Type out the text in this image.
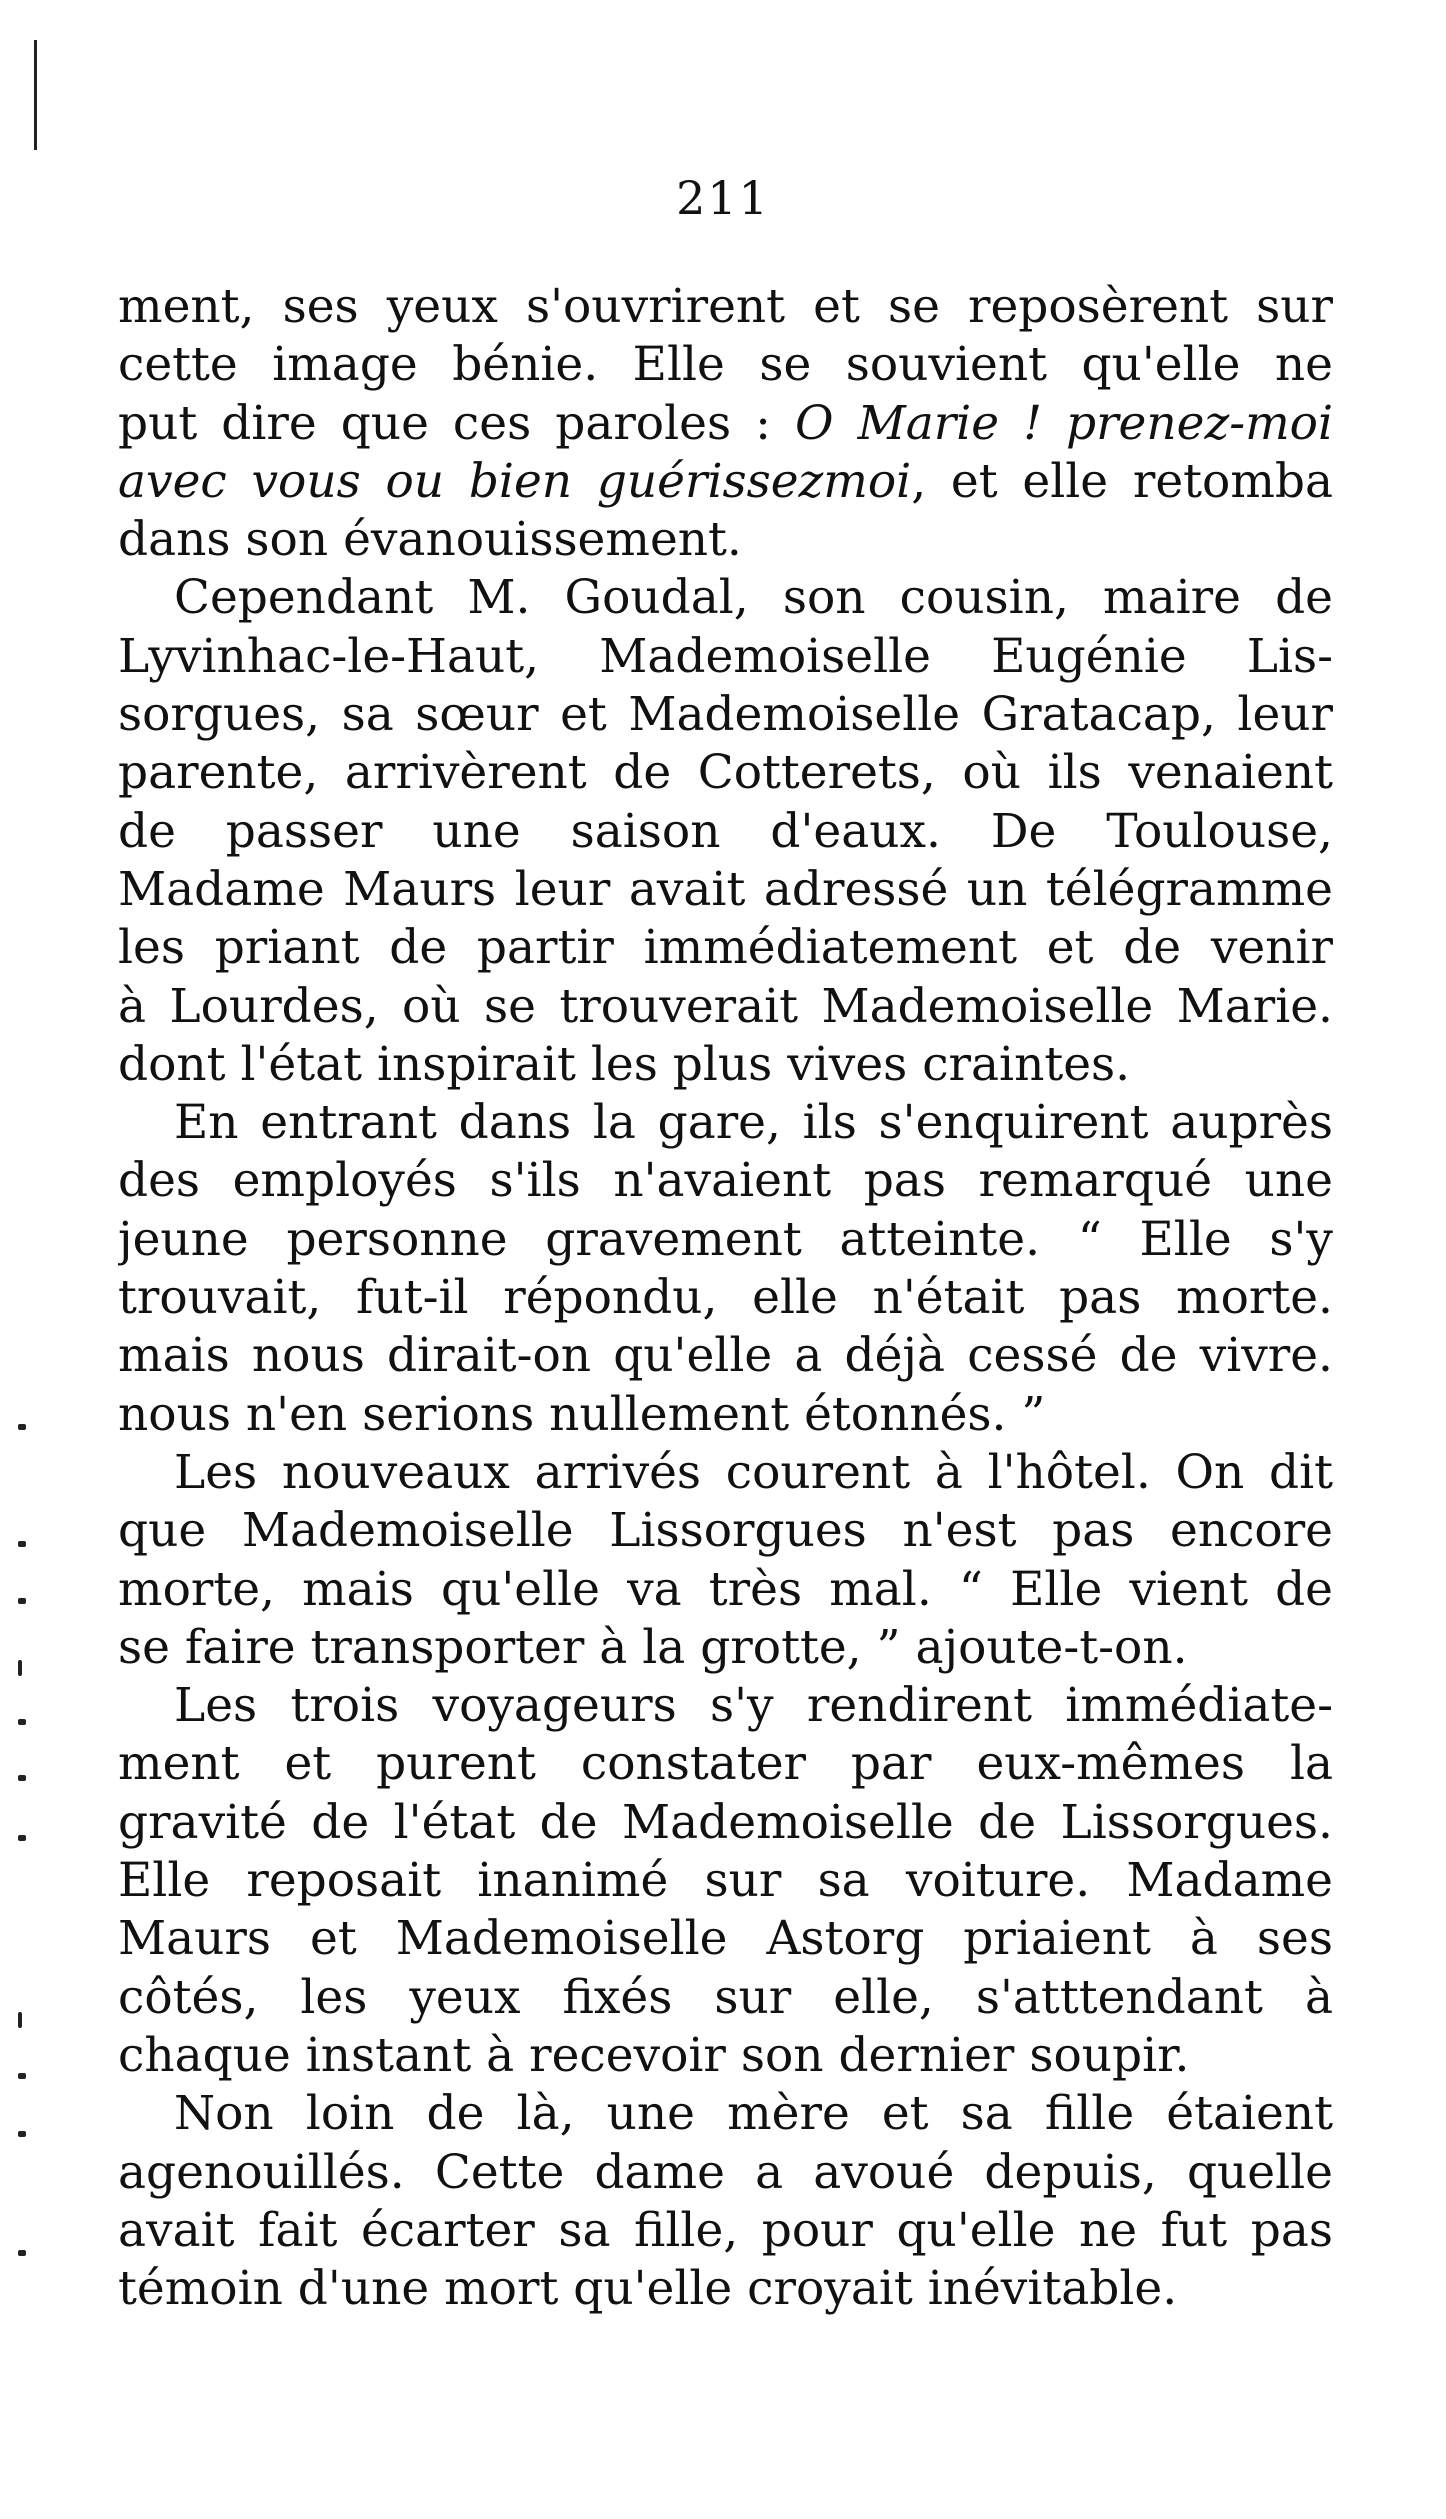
211
ment, ses yeux s'ouvrirent et se reposèrent sur
cette image bénie. Elle se souvient qu'elle ne
put dire que ces paroles : O Marie ! prenez-moi
avec vous ou bien guérissezmoi, et elle retomba
dans son évanouissement.
Cependant M. Goudal, son cousin, maire de
Lyvinhac-le-Haut, Mademoiselle Eugénie Lis-
sorgues, sa sœur et Mademoiselle Gratacap, leur
parente, arrivèrent de Cotterets, où ils venaient
de passer une saison d'eaux. De Toulouse,
Madame Maurs leur avait adressé un télégramme
les priant de partir immédiatement et de venir
à Lourdes, où se trouverait Mademoiselle Marie.
dont l'état inspirait les plus vives craintes.
En entrant dans la gare, ils s'enquirent auprès
des employés s'ils n'avaient pas remarqué une
jeune personne gravement atteinte. “ Elle s'y
trouvait, fut-il répondu, elle n'était pas morte.
mais nous dirait-on qu'elle a déjà cessé de vivre.
nous n'en serions nullement étonnés. ”
Les nouveaux arrivés courent à l'hôtel. On dit
que Mademoiselle Lissorgues n'est pas encore
morte, mais qu'elle va très mal. “ Elle vient de
se faire transporter à la grotte, ” ajoute-t-on.
Les trois voyageurs s'y rendirent immédiate-
ment et purent constater par eux-mêmes la
gravité de l'état de Mademoiselle de Lissorgues.
Elle reposait inanimé sur sa voiture. Madame
Maurs et Mademoiselle Astorg priaient à ses
côtés, les yeux fixés sur elle, s'atttendant à
chaque instant à recevoir son dernier soupir.
Non loin de là, une mère et sa fille étaient
agenouillés. Cette dame a avoué depuis, quelle
avait fait écarter sa fille, pour qu'elle ne fut pas
témoin d'une mort qu'elle croyait inévitable.
